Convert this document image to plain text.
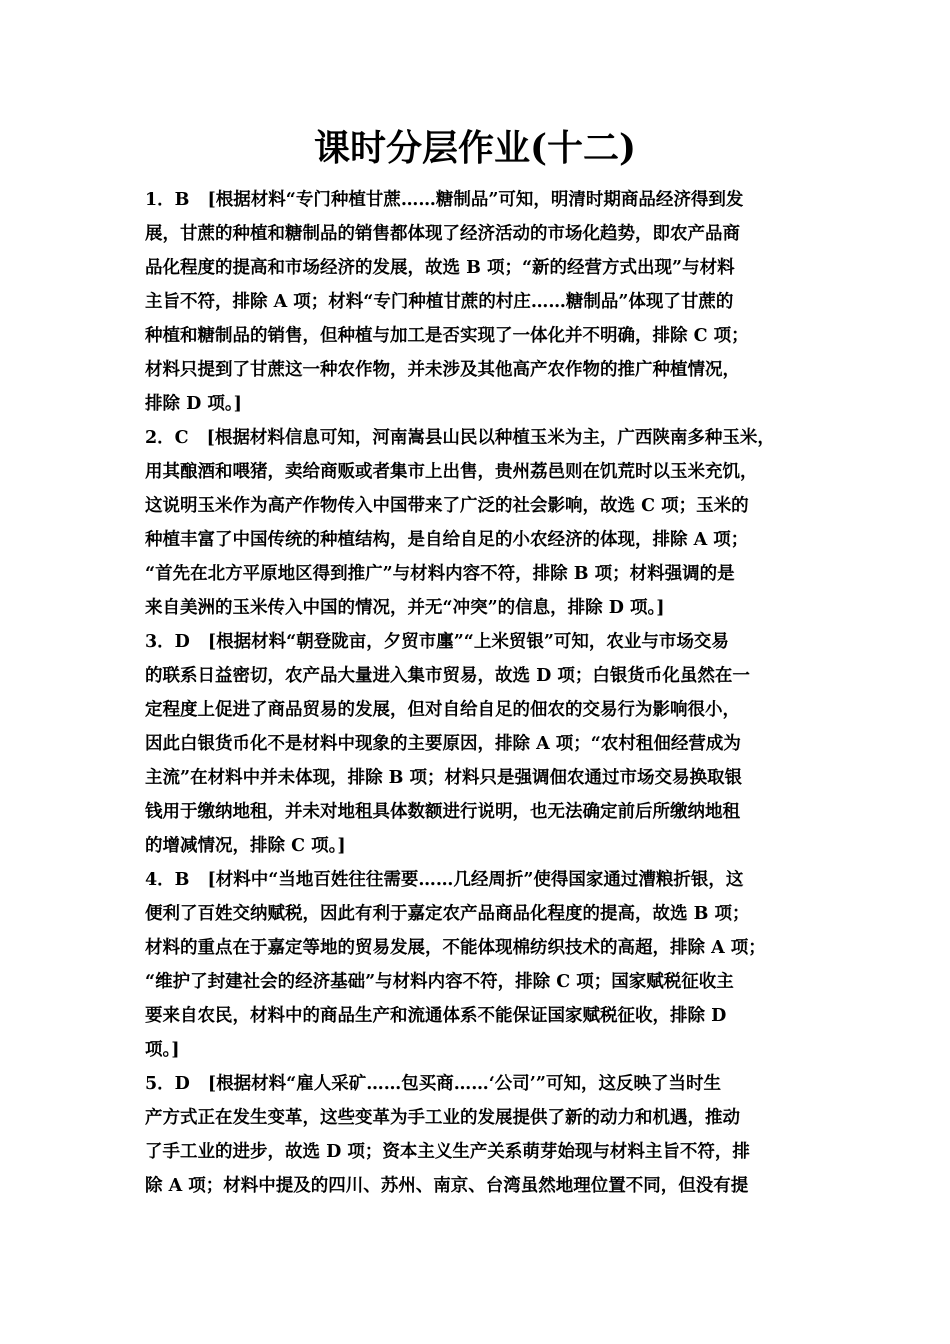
课时分层作业(十二)
1．B [根据材料“专门种植甘蔗……糖制品”可知，明清时期商品经济得到发
展，甘蔗的种植和糖制品的销售都体现了经济活动的市场化趋势，即农产品商
品化程度的提高和市场经济的发展，故选 B 项；“新的经营方式出现”与材料
主旨不符，排除 A 项；材料“专门种植甘蔗的村庄……糖制品”体现了甘蔗的
种植和糖制品的销售，但种植与加工是否实现了一体化并不明确，排除 C 项；
材料只提到了甘蔗这一种农作物，并未涉及其他高产农作物的推广种植情况，
排除 D 项。]
2．C [根据材料信息可知，河南嵩县山民以种植玉米为主，广西陕南多种玉米，
用其酿酒和喂猪，卖给商贩或者集市上出售，贵州荔邑则在饥荒时以玉米充饥，
这说明玉米作为高产作物传入中国带来了广泛的社会影响，故选 C 项；玉米的
种植丰富了中国传统的种植结构，是自给自足的小农经济的体现，排除 A 项；
“首先在北方平原地区得到推广”与材料内容不符，排除 B 项；材料强调的是
来自美洲的玉米传入中国的情况，并无“冲突”的信息，排除 D 项。]
3．D [根据材料“朝登陇亩，夕贸市廛”“上米贸银”可知，农业与市场交易
的联系日益密切，农产品大量进入集市贸易，故选 D 项；白银货币化虽然在一
定程度上促进了商品贸易的发展，但对自给自足的佃农的交易行为影响很小，
因此白银货币化不是材料中现象的主要原因，排除 A 项；“农村租佃经营成为
主流”在材料中并未体现，排除 B 项；材料只是强调佃农通过市场交易换取银
钱用于缴纳地租，并未对地租具体数额进行说明，也无法确定前后所缴纳地租
的增减情况，排除 C 项。]
4．B [材料中“当地百姓往往需要……几经周折”使得国家通过漕粮折银，这
便利了百姓交纳赋税，因此有利于嘉定农产品商品化程度的提高，故选 B 项；
材料的重点在于嘉定等地的贸易发展，不能体现棉纺织技术的高超，排除 A 项；
“维护了封建社会的经济基础”与材料内容不符，排除 C 项；国家赋税征收主
要来自农民，材料中的商品生产和流通体系不能保证国家赋税征收，排除 D
项。]
5．D [根据材料“雇人采矿……包买商……‘公司’”可知，这反映了当时生
产方式正在发生变革，这些变革为手工业的发展提供了新的动力和机遇，推动
了手工业的进步，故选 D 项；资本主义生产关系萌芽始现与材料主旨不符，排
除 A 项；材料中提及的四川、苏州、南京、台湾虽然地理位置不同，但没有提
